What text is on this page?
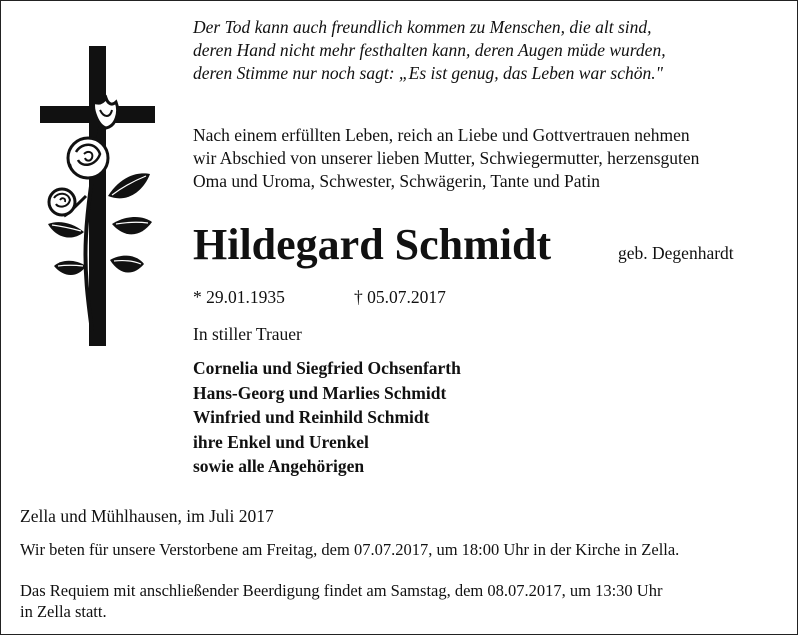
Der Tod kann auch freundlich kommen zu Menschen, die alt sind,
deren Hand nicht mehr festhalten kann, deren Augen müde wurden,
deren Stimme nur noch sagt: „Es ist genug, das Leben war schön."
Nach einem erfüllten Leben, reich an Liebe und Gottvertrauen nehmen
wir Abschied von unserer lieben Mutter, Schwiegermutter, herzensguten
Oma und Uroma, Schwester, Schwägerin, Tante und Patin
Hildegard Schmidt	geb. Degenhardt
* 29.01.1935	† 05.07.2017
In stiller Trauer
Cornelia und Siegfried Ochsenfarth
Hans-Georg und Marlies Schmidt
Winfried und Reinhild Schmidt
ihre Enkel und Urenkel
sowie alle Angehörigen
Zella und Mühlhausen, im Juli 2017
Wir beten für unsere Verstorbene am Freitag, dem 07.07.2017, um 18:00 Uhr in der Kirche in Zella.
Das Requiem mit anschließender Beerdigung findet am Samstag, dem 08.07.2017, um 13:30 Uhr
in Zella statt.
